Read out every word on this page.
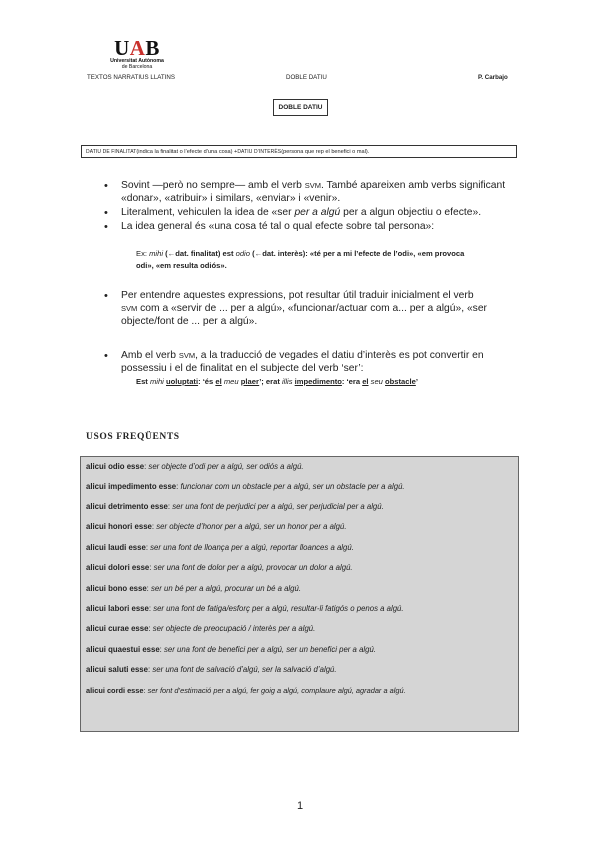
UAB
Universitat Autònoma
de Barcelona
TEXTOS NARRATIUS LLATINS	DOBLE DATIU	P. Carbajo
DOBLE DATIU
DATIU DE FINALITAT (indica la finalitat o l’efecte d’una cosa) + DATIU D’INTERÈS (persona que rep el benefici o mal).
• Sovint —però no sempre— amb el verb SVM. També apareixen amb verbs significant
«donar», «atribuir» i similars, «enviar» i «venir».
• Literalment, vehiculen la idea de «ser per a algú per a algun objectiu o efecte».
• La idea general és «una cosa té tal o qual efecte sobre tal persona»:
Ex: mihi (←dat. finalitat) est odio (←dat. interès): «té per a mi l’efecte de l’odi», «em provoca
odi», «em resulta odiós».
• Per entendre aquestes expressions, pot resultar útil traduir inicialment el verb
SVM com a «servir de ... per a algú», «funcionar/actuar com a... per a algú», «ser
objecte/font de ... per a algú».
• Amb el verb SVM, a la traducció de vegades el datiu d’interès es pot convertir en
possessiu i el de finalitat en el subjecte del verb ‘ser’:
Est mihi uoluptati: ‘és el meu plaer’; erat illis impedimento: ‘era el seu obstacle’
USOS FREQÜENTS
alicui odio esse: ser objecte d’odi per a algú, ser odiós a algú.
alicui impedimento esse: funcionar com un obstacle per a algú, ser un obstacle per a algú.
alicui detrimento esse: ser una font de perjudici per a algú, ser perjudicial per a algú.
alicui honori esse: ser objecte d’honor per a algú, ser un honor per a algú.
alicui laudi esse: ser una font de lloança per a algú, reportar lloances a algú.
alicui dolori esse: ser una font de dolor per a algú, provocar un dolor a algú.
alicui bono esse: ser un bé per a algú, procurar un bé a algú.
alicui labori esse: ser una font de fatiga/esforç per a algú, resultar-li fatigós o penos a algú.
alicui curae esse: ser objecte de preocupació / interès per a algú.
alicui quaestui esse: ser una font de benefici per a algú, ser un benefici per a algú.
alicui saluti esse: ser una font de salvació d’algú, ser la salvació d’algú.
alicui cordi esse: ser font d’estimació per a algú, fer goig a algú, complaure algú, agradar a algú.
1
